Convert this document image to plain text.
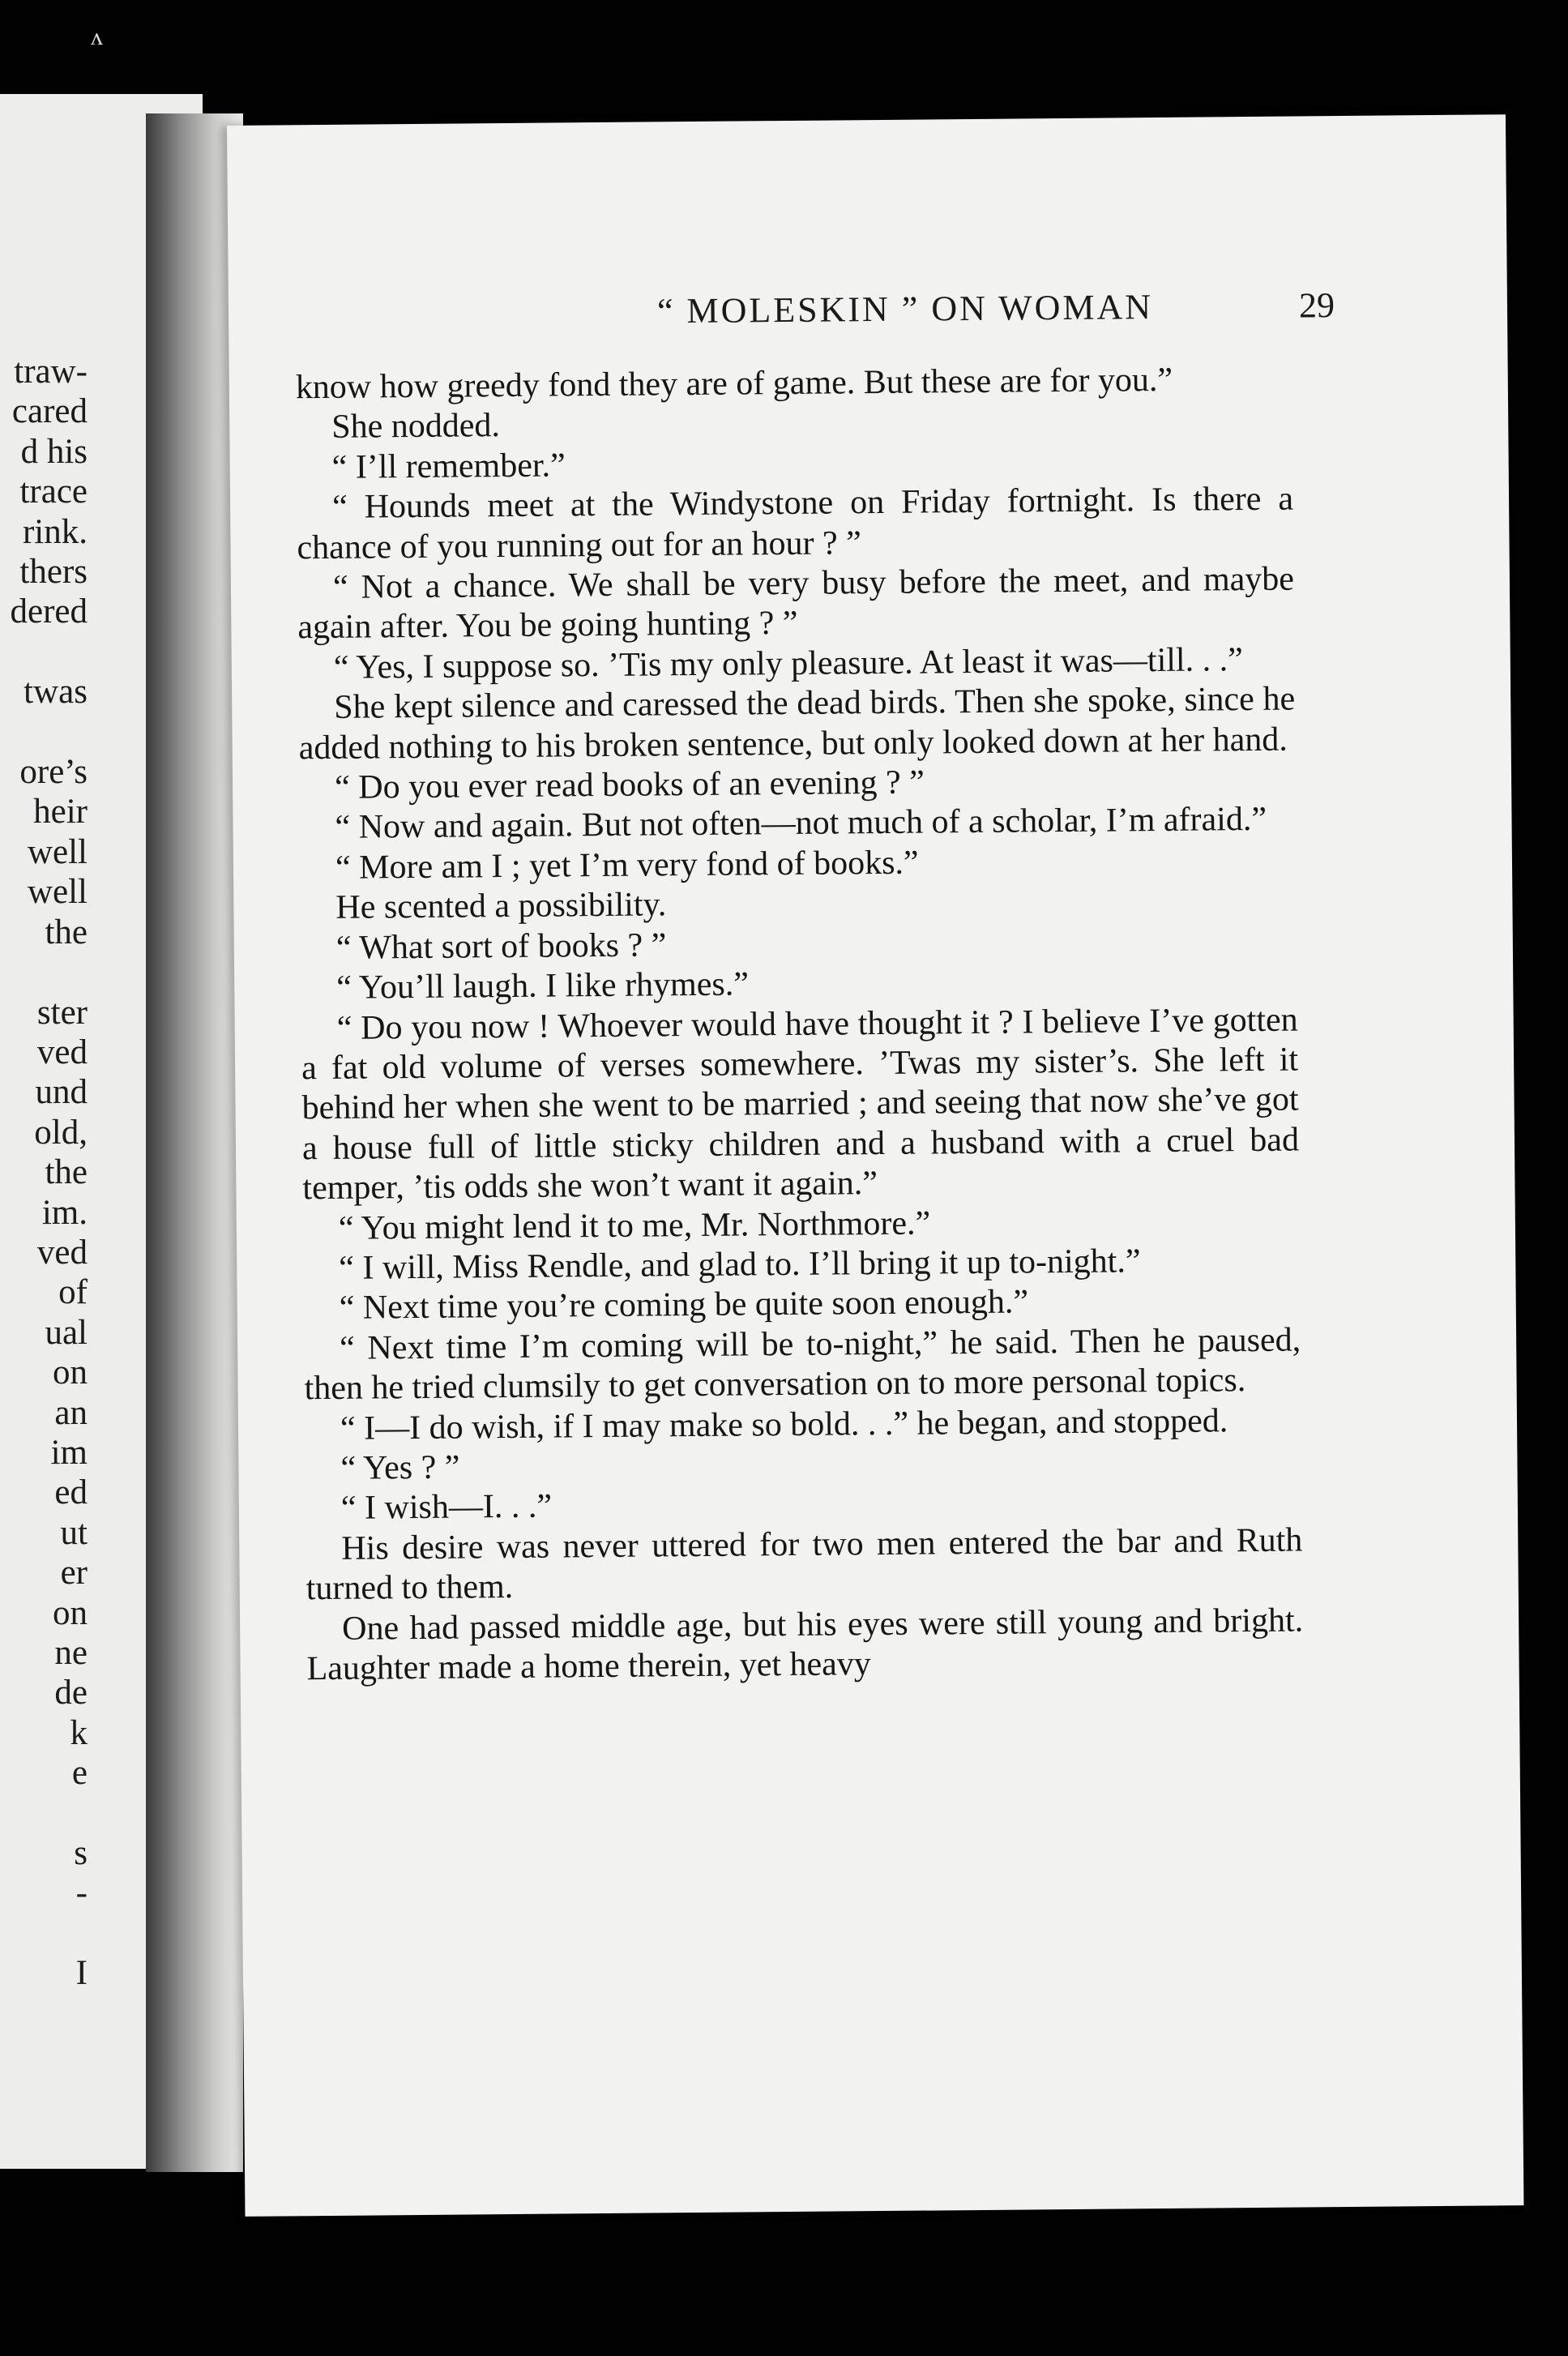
ʌ
traw-
cared
d his
trace
rink.
thers
dered

twas

ore’s
heir
well
well
the

ster
ved
und
old,
the
im.
ved
of
ual
on
an
im
ed
ut
er
on
ne
de
k
e

s
-

I
“ MOLESKIN ” ON WOMAN	29

know how greedy fond they are of game. But these are for you.”

She nodded.

“ I’ll remember.”

“ Hounds meet at the Windystone on Friday fortnight. Is there a chance of you running out for an hour ? ”

“ Not a chance. We shall be very busy before the meet, and maybe again after. You be going hunting ? ”

“ Yes, I suppose so. ’Tis my only pleasure. At least it was—till. . .”

She kept silence and caressed the dead birds. Then she spoke, since he added nothing to his broken sentence, but only looked down at her hand.

“ Do you ever read books of an evening ? ”

“ Now and again. But not often—not much of a scholar, I’m afraid.”

“ More am I ; yet I’m very fond of books.”

He scented a possibility.

“ What sort of books ? ”

“ You’ll laugh. I like rhymes.”

“ Do you now ! Whoever would have thought it ? I believe I’ve gotten a fat old volume of verses somewhere. ’Twas my sister’s. She left it behind her when she went to be married ; and seeing that now she’ve got a house full of little sticky children and a husband with a cruel bad temper, ’tis odds she won’t want it again.”

“ You might lend it to me, Mr. Northmore.”

“ I will, Miss Rendle, and glad to. I’ll bring it up to-night.”

“ Next time you’re coming be quite soon enough.”

“ Next time I’m coming will be to-night,” he said. Then he paused, then he tried clumsily to get conversation on to more personal topics.

“ I—I do wish, if I may make so bold. . .” he began, and stopped.

“ Yes ? ”

“ I wish—I. . .”

His desire was never uttered for two men entered the bar and Ruth turned to them.

One had passed middle age, but his eyes were still young and bright. Laughter made a home therein, yet heavy
